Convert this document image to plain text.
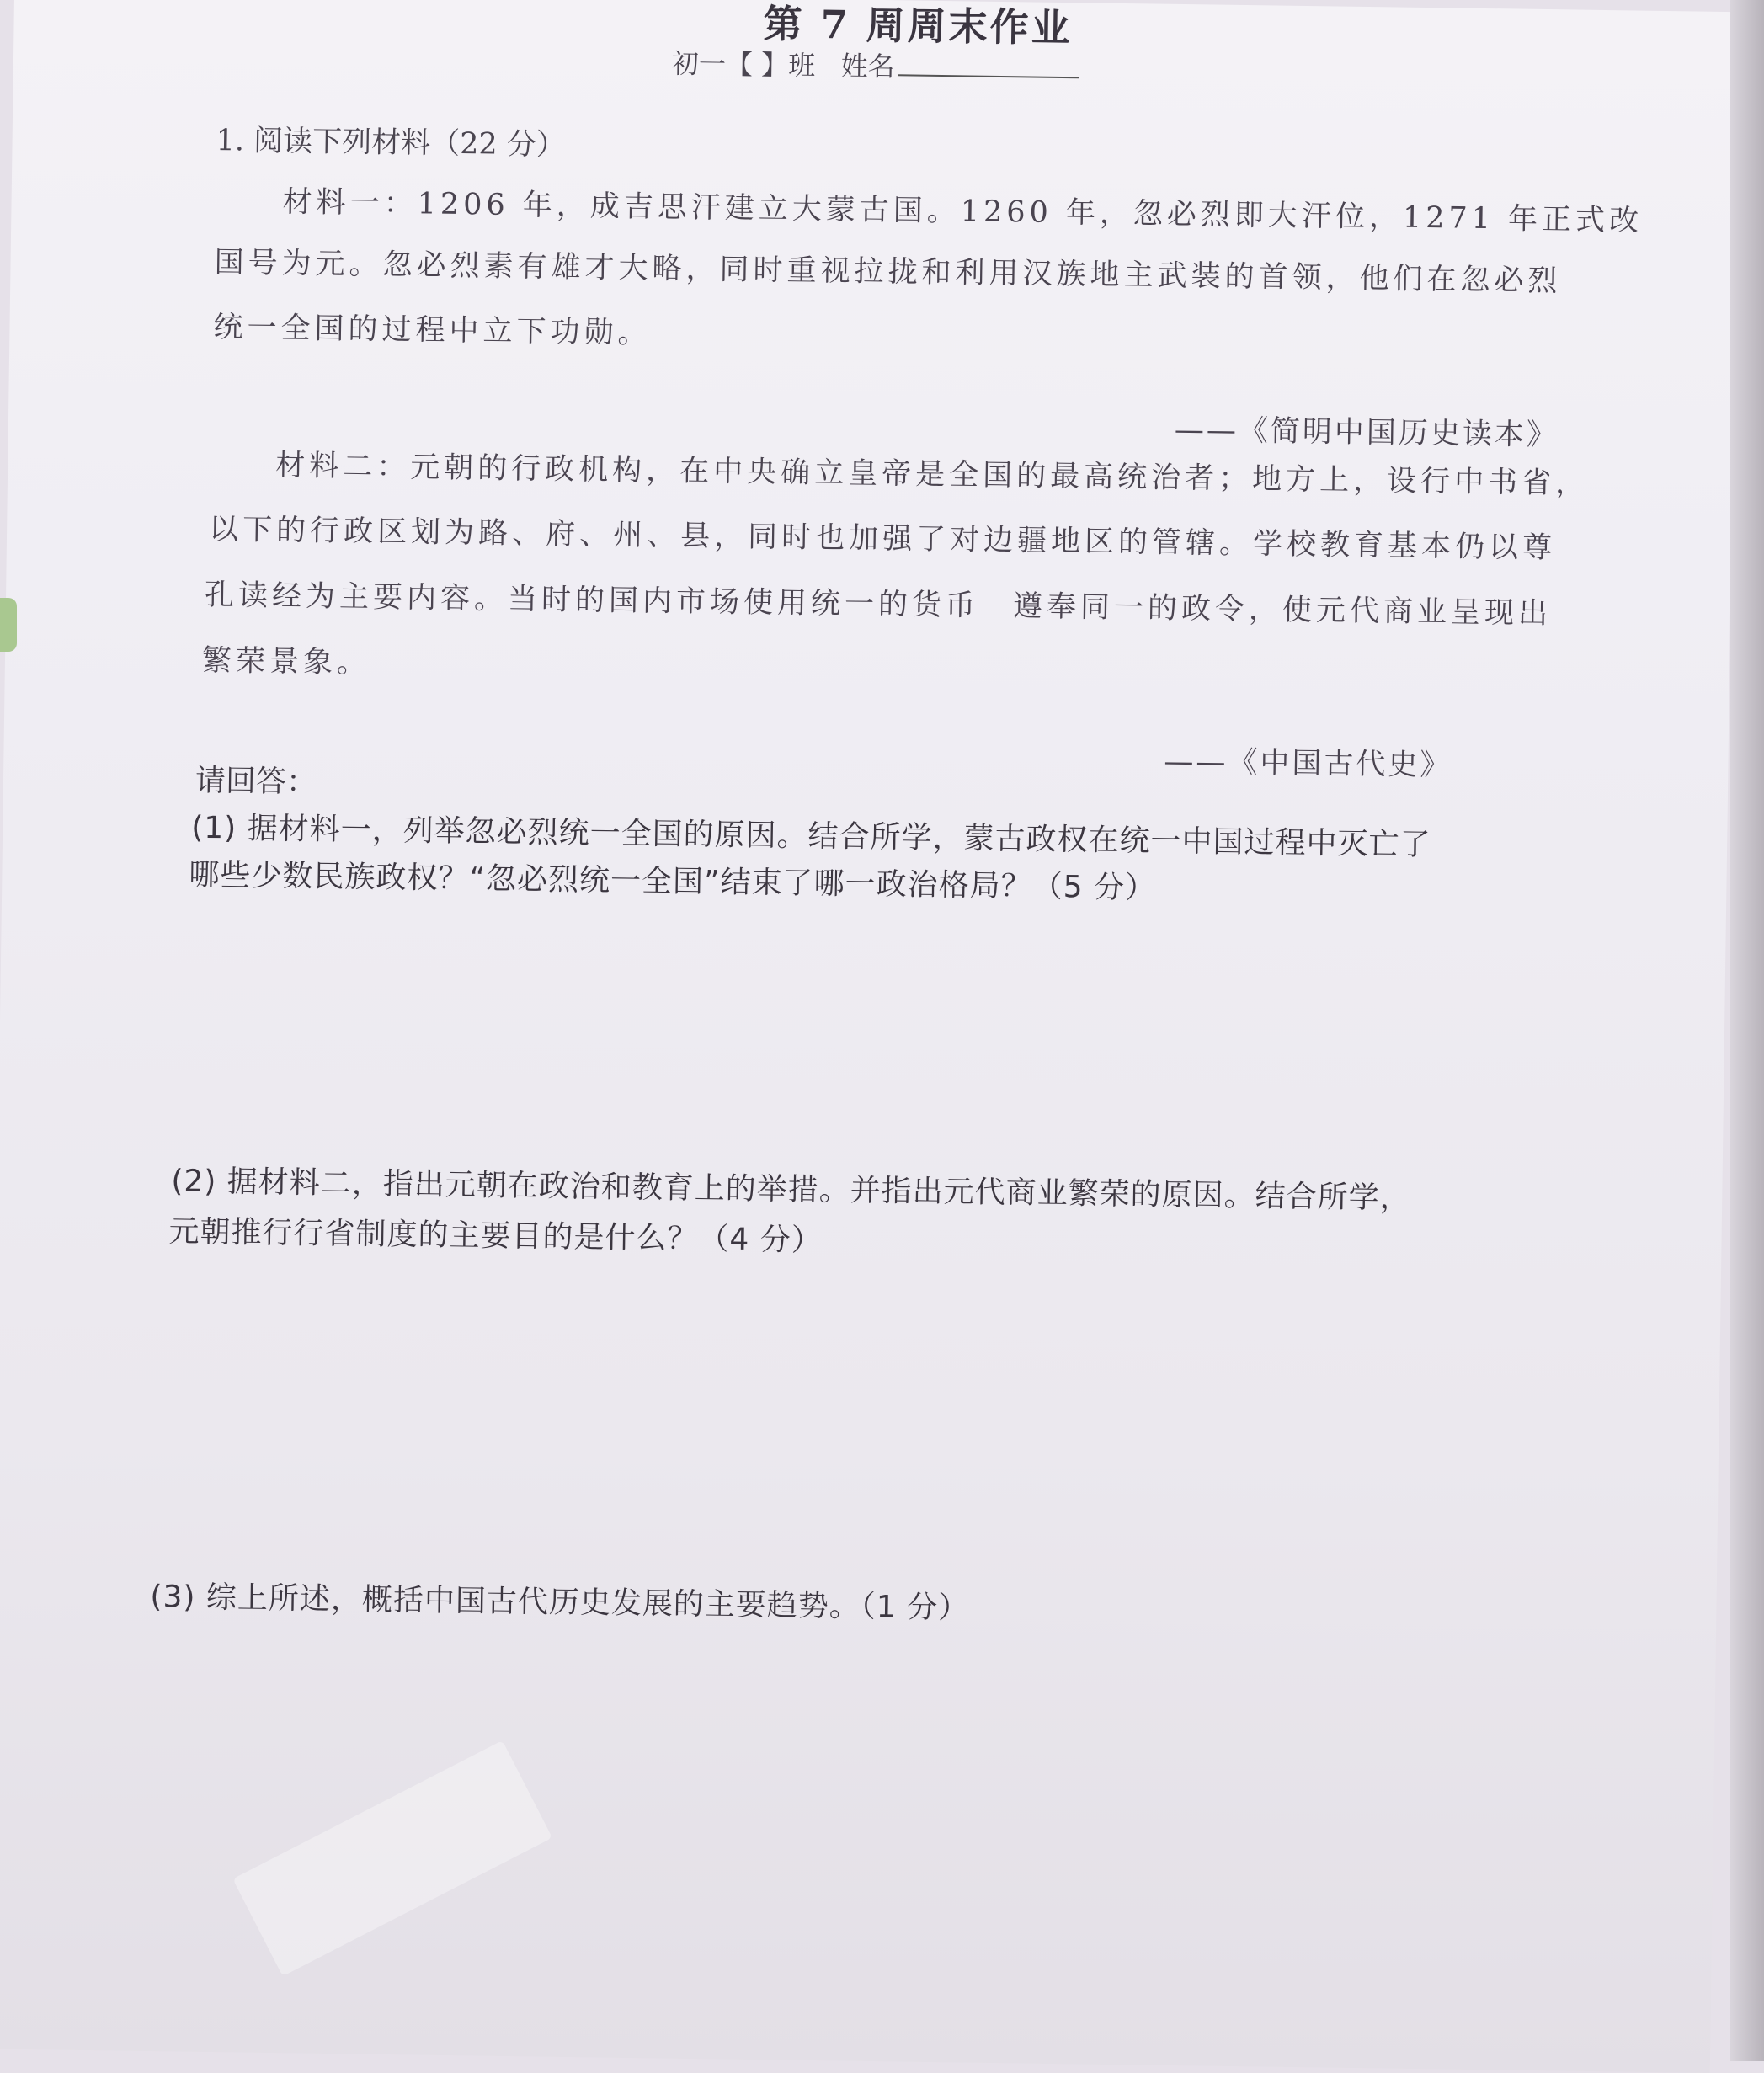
第 7 周周末作业
初一【 】班 姓名
1. 阅读下列材料（22 分）
材料一：1206 年，成吉思汗建立大蒙古国。1260 年，忽必烈即大汗位，1271 年正式改
国号为元。忽必烈素有雄才大略，同时重视拉拢和利用汉族地主武装的首领，他们在忽必烈
统一全国的过程中立下功勋。
——《简明中国历史读本》
材料二：元朝的行政机构，在中央确立皇帝是全国的最高统治者；地方上，设行中书省，
以下的行政区划为路、府、州、县，同时也加强了对边疆地区的管辖。学校教育基本仍以尊
孔读经为主要内容。当时的国内市场使用统一的货币　遵奉同一的政令，使元代商业呈现出
繁荣景象。
——《中国古代史》
请回答：
(1) 据材料一，列举忽必烈统一全国的原因。结合所学，蒙古政权在统一中国过程中灭亡了
哪些少数民族政权？“忽必烈统一全国”结束了哪一政治格局？（5 分）
(2) 据材料二，指出元朝在政治和教育上的举措。并指出元代商业繁荣的原因。结合所学，
元朝推行行省制度的主要目的是什么？（4 分）
(3) 综上所述，概括中国古代历史发展的主要趋势。（1 分）
